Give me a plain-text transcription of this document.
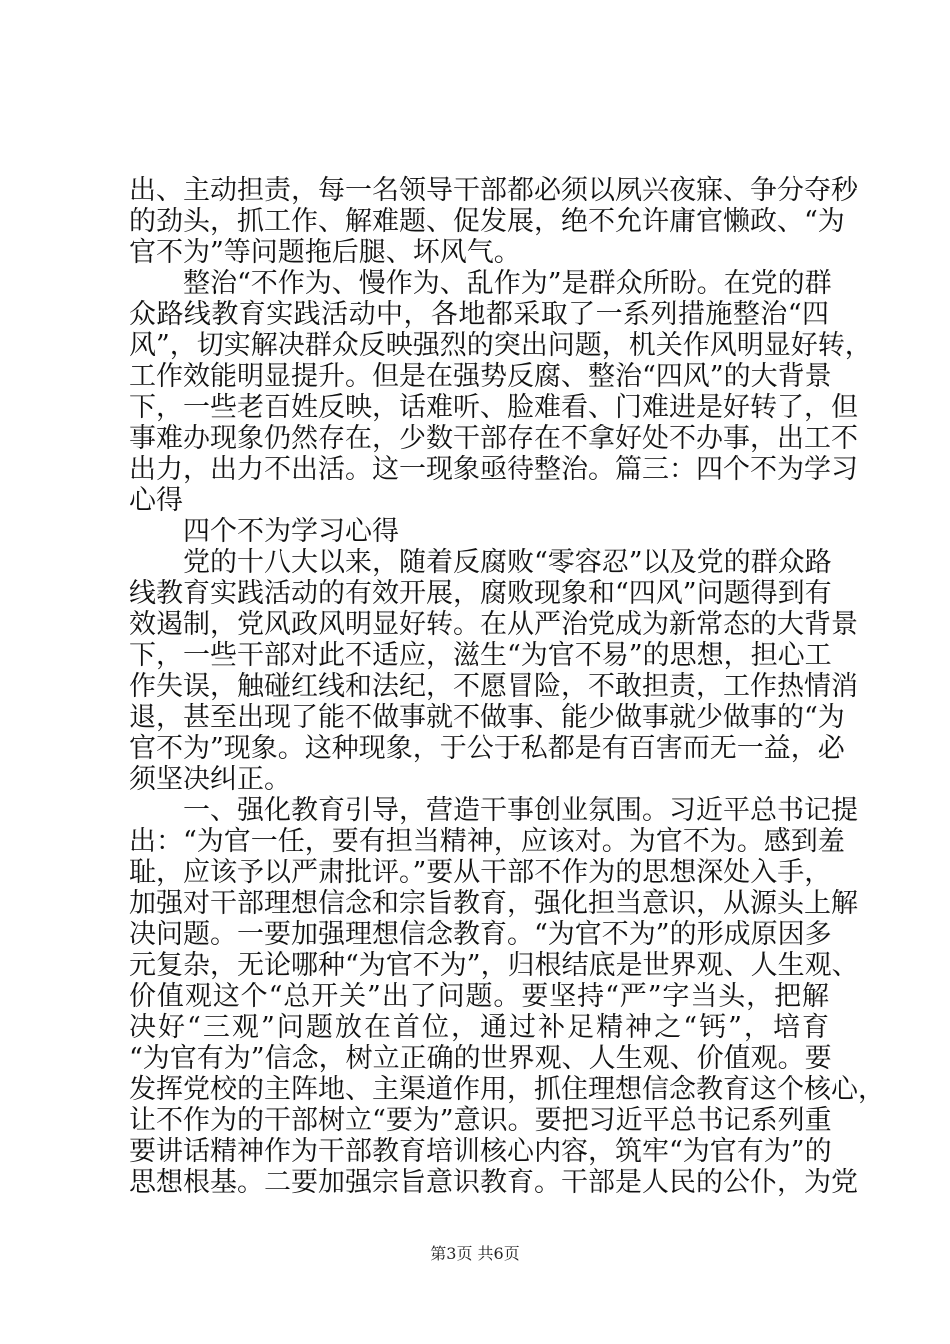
出、主动担责，每一名领导干部都必须以夙兴夜寐、争分夺秒
的劲头，抓工作、解难题、促发展，绝不允许庸官懒政、“为
官不为”等问题拖后腿、坏风气。
整治“不作为、慢作为、乱作为”是群众所盼。在党的群
众路线教育实践活动中，各地都采取了一系列措施整治“四
风”，切实解决群众反映强烈的突出问题，机关作风明显好转，
工作效能明显提升。但是在强势反腐、整治“四风”的大背景
下，一些老百姓反映，话难听、脸难看、门难进是好转了，但
事难办现象仍然存在，少数干部存在不拿好处不办事，出工不
出力，出力不出活。这一现象亟待整治。篇三：四个不为学习
心得
四个不为学习心得
党的十八大以来，随着反腐败“零容忍”以及党的群众路
线教育实践活动的有效开展，腐败现象和“四风”问题得到有
效遏制，党风政风明显好转。在从严治党成为新常态的大背景
下，一些干部对此不适应，滋生“为官不易”的思想，担心工
作失误，触碰红线和法纪，不愿冒险，不敢担责，工作热情消
退，甚至出现了能不做事就不做事、能少做事就少做事的“为
官不为”现象。这种现象，于公于私都是有百害而无一益，必
须坚决纠正。
一、强化教育引导，营造干事创业氛围。习近平总书记提
出：“为官一任，要有担当精神，应该对。为官不为。感到羞
耻，应该予以严肃批评。”要从干部不作为的思想深处入手，
加强对干部理想信念和宗旨教育，强化担当意识，从源头上解
决问题。一要加强理想信念教育。“为官不为”的形成原因多
元复杂，无论哪种“为官不为”，归根结底是世界观、人生观、
价值观这个“总开关”出了问题。要坚持“严”字当头，把解
决好“三观”问题放在首位，通过补足精神之“钙”，培育
“为官有为”信念，树立正确的世界观、人生观、价值观。要
发挥党校的主阵地、主渠道作用，抓住理想信念教育这个核心，
第3页 共6页
让不作为的干部树立“要为”意识。要把习近平总书记系列重
要讲话精神作为干部教育培训核心内容，筑牢“为官有为”的
思想根基。二要加强宗旨意识教育。干部是人民的公仆，为党
